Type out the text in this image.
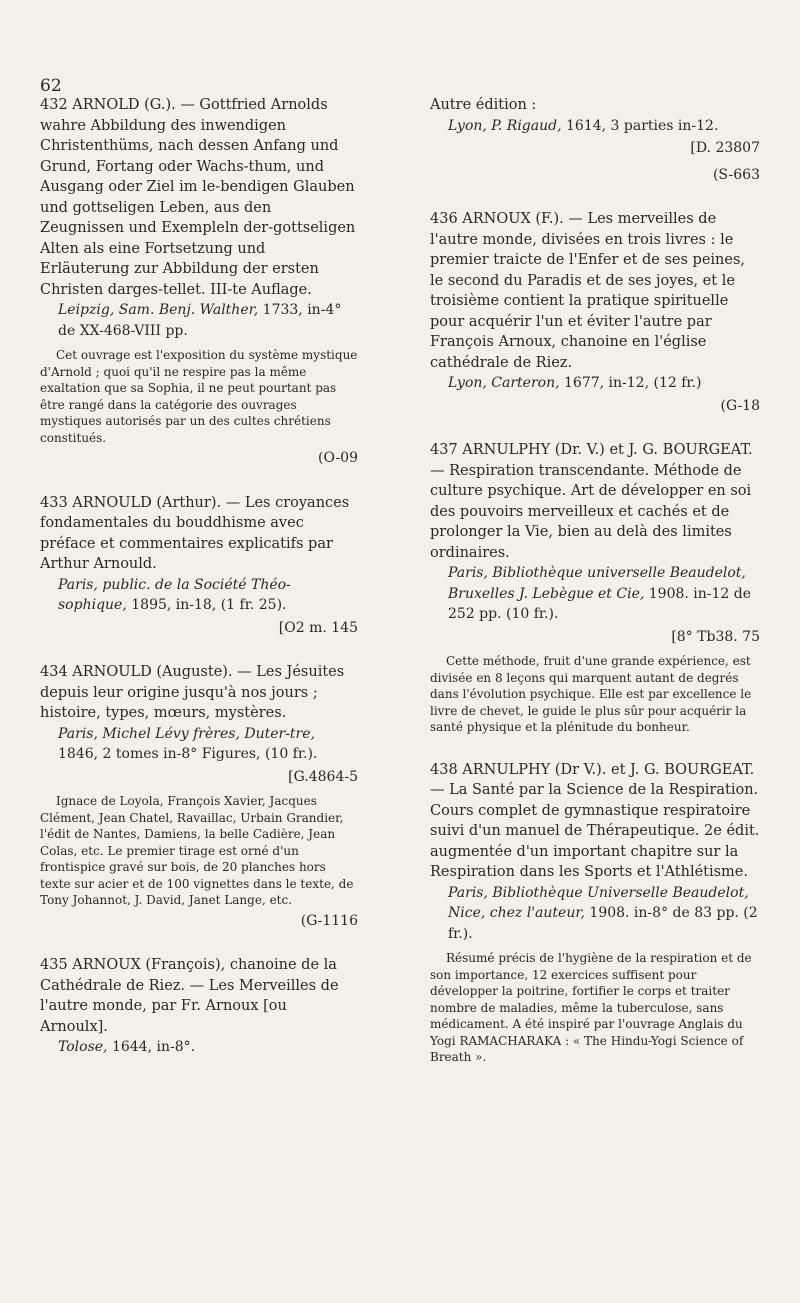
62

432 ARNOLD (G.). — Gottfried Arnolds wahre Abbildung des inwendigen Christenthüms, nach dessen Anfang und Grund, Fortang oder Wachs-thum, und Ausgang oder Ziel im le-bendigen Glauben und gottseligen Leben, aus den Zeugnissen und Exempleln der-gottseligen Alten als eine Fortsetzung und Erläuterung zur Abbildung der ersten Christen darges-tellet. III-te Auflage.

Leipzig, Sam. Benj. Walther, 1733, in-4° de XX-468-VIII pp.

Cet ouvrage est l'exposition du système mystique d'Arnold ; quoi qu'il ne respire pas la même exaltation que sa Sophia, il ne peut pourtant pas être rangé dans la catégorie des ouvrages mystiques autorisés par un des cultes chrétiens constitués.

(O-09

433 ARNOULD (Arthur). — Les croyances fondamentales du bouddhisme avec préface et commentaires explicatifs par Arthur Arnould.

Paris, public. de la Société Théo-sophique, 1895, in-18, (1 fr. 25).

[O2 m. 145

434 ARNOULD (Auguste). — Les Jésuites depuis leur origine jusqu'à nos jours ; histoire, types, mœurs, mystères.

Paris, Michel Lévy frères, Duter-tre, 1846, 2 tomes in-8° Figures, (10 fr.).

[G.4864-5

Ignace de Loyola, François Xavier, Jacques Clément, Jean Chatel, Ravaillac, Urbain Grandier, l'édit de Nantes, Damiens, la belle Cadière, Jean Colas, etc. Le premier tirage est orné d'un frontispice gravé sur bois, de 20 planches hors texte sur acier et de 100 vignettes dans le texte, de Tony Johannot, J. David, Janet Lange, etc.

(G-1116

435 ARNOUX (François), chanoine de la Cathédrale de Riez. — Les Merveilles de l'autre monde, par Fr. Arnoux [ou Arnoulx].

Tolose, 1644, in-8°.

Autre édition :

Lyon, P. Rigaud, 1614, 3 parties in-12.

[D. 23807
(S-663

436 ARNOUX (F.). — Les merveilles de l'autre monde, divisées en trois livres : le premier traicte de l'Enfer et de ses peines, le second du Paradis et de ses joyes, et le troisième contient la pratique spirituelle pour acquérir l'un et éviter l'autre par François Arnoux, chanoine en l'église cathédrale de Riez.

Lyon, Carteron, 1677, in-12, (12 fr.)

(G-18

437 ARNULPHY (Dr. V.) et J. G. BOURGEAT. — Respiration transcendante. Méthode de culture psychique. Art de développer en soi des pouvoirs merveilleux et cachés et de prolonger la Vie, bien au delà des limites ordinaires.

Paris, Bibliothèque universelle Beaudelot, Bruxelles J. Lebègue et Cie, 1908. in-12 de 252 pp. (10 fr.).

[8° Tb38. 75

Cette méthode, fruit d'une grande expérience, est divisée en 8 leçons qui marquent autant de degrés dans l'évolution psychique. Elle est par excellence le livre de chevet, le guide le plus sûr pour acquérir la santé physique et la plénitude du bonheur.

438 ARNULPHY (Dr V.). et J. G. BOURGEAT. — La Santé par la Science de la Respiration. Cours complet de gymnastique respiratoire suivi d'un manuel de Thérapeutique. 2e édit. augmentée d'un important chapitre sur la Respiration dans les Sports et l'Athlétisme.

Paris, Bibliothèque Universelle Beaudelot, Nice, chez l'auteur, 1908. in-8° de 83 pp. (2 fr.).

Résumé précis de l'hygiène de la respiration et de son importance, 12 exercices suffisent pour développer la poitrine, fortifier le corps et traiter nombre de maladies, même la tuberculose, sans médicament. A été inspiré par l'ouvrage Anglais du Yogi RAMACHARAKA : « The Hindu-Yogi Science of Breath ».
